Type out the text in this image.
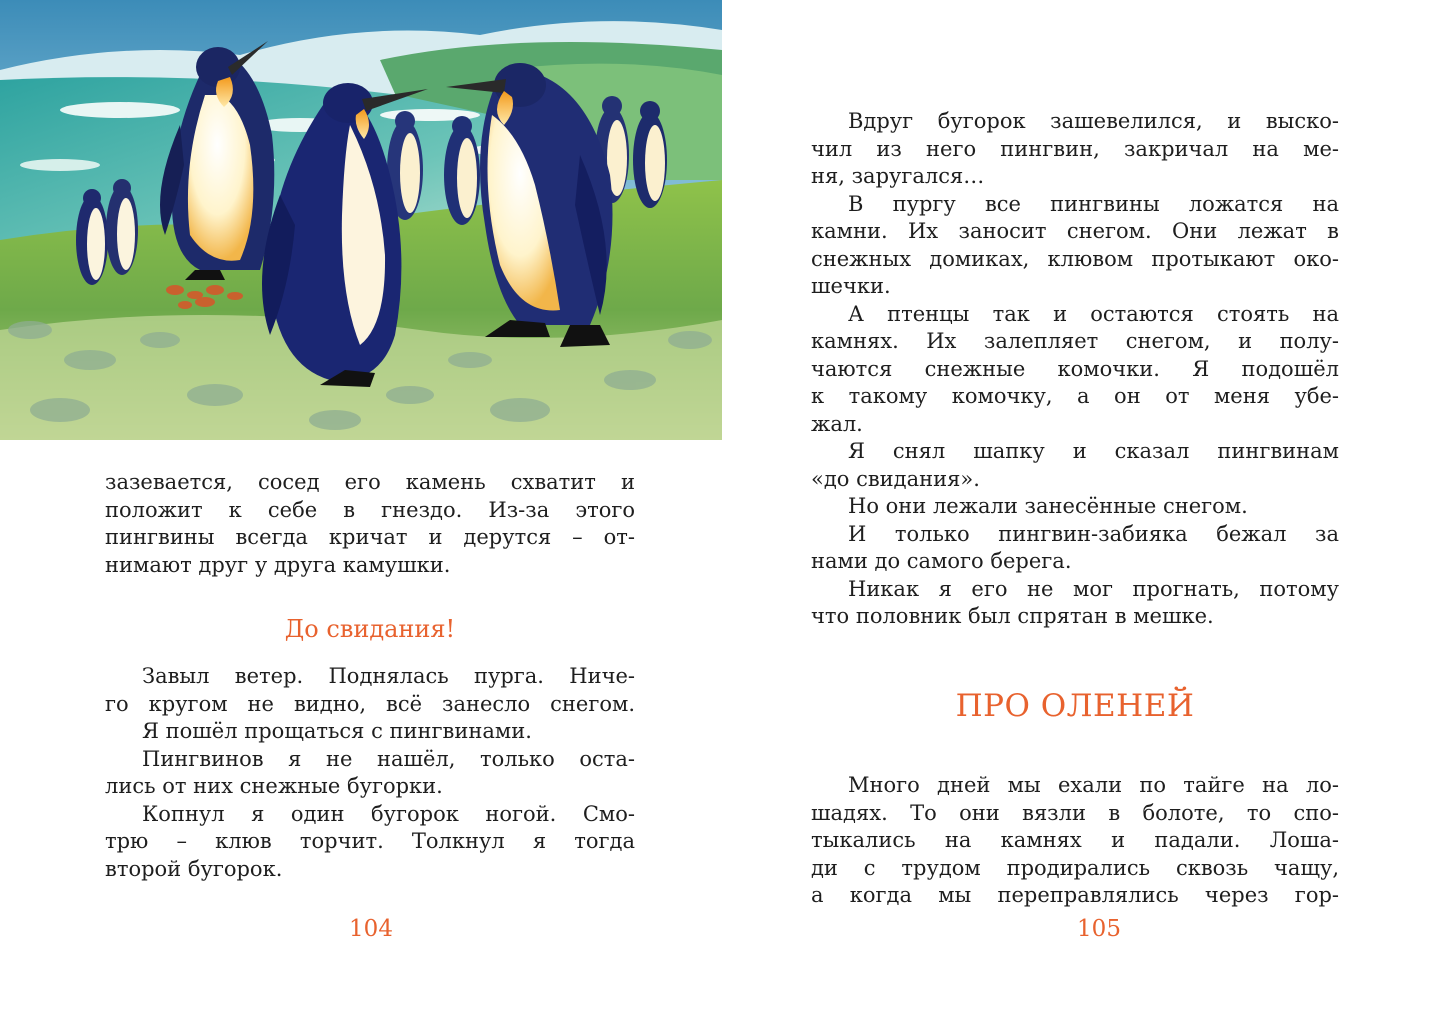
зазевается, сосед его камень схватит и
положит к себе в гнездо. Из-за этого
пингвины всегда кричат и дерутся – от-
нимают друг у друга камушки.
До свидания!
Завыл ветер. Поднялась пурга. Ниче-
го кругом не видно, всё занесло снегом.
Я пошёл прощаться с пингвинами.
Пингвинов я не нашёл, только оста-
лись от них снежные бугорки.
Копнул я один бугорок ногой. Смо-
трю – клюв торчит. Толкнул я тогда
второй бугорок.
104
Вдруг бугорок зашевелился, и выско-
чил из него пингвин, закричал на ме-
ня, заругался…
В пургу все пингвины ложатся на
камни. Их заносит снегом. Они лежат в
снежных домиках, клювом протыкают око-
шечки.
А птенцы так и остаются стоять на
камнях. Их залепляет снегом, и полу-
чаются снежные комочки. Я подошёл
к такому комочку, а он от меня убе-
жал.
Я снял шапку и сказал пингвинам
«до свидания».
Но они лежали занесённые снегом.
И только пингвин-забияка бежал за
нами до самого берега.
Никак я его не мог прогнать, потому
что половник был спрятан в мешке.
ПРО ОЛЕНЕЙ
Много дней мы ехали по тайге на ло-
шадях. То они вязли в болоте, то спо-
тыкались на камнях и падали. Лоша-
ди с трудом продирались сквозь чащу,
а когда мы переправлялись через гор-
105
